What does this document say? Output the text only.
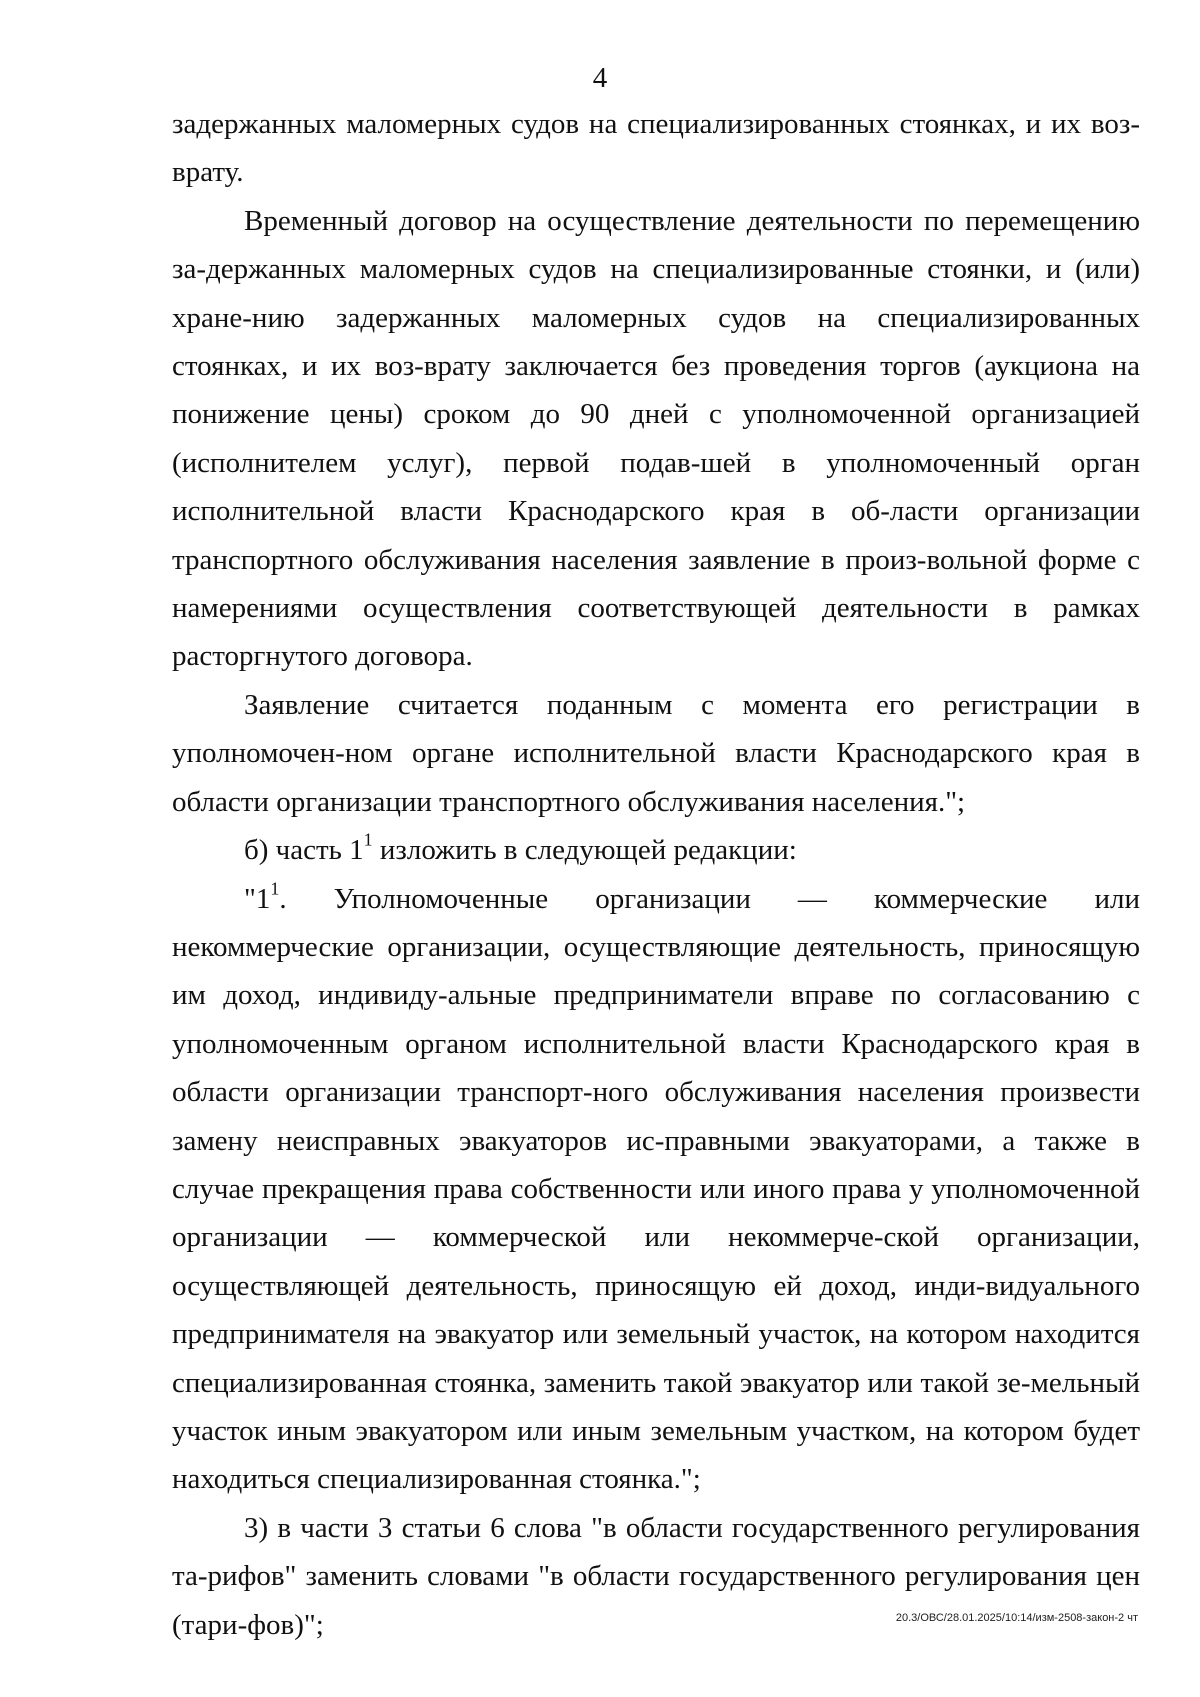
4

задержанных маломерных судов на специализированных стоянках, и их воз-врату.

Временный договор на осуществление деятельности по перемещению за-держанных маломерных судов на специализированные стоянки, и (или) хране-нию задержанных маломерных судов на специализированных стоянках, и их воз-врату заключается без проведения торгов (аукциона на понижение цены) сроком до 90 дней с уполномоченной организацией (исполнителем услуг), первой подав-шей в уполномоченный орган исполнительной власти Краснодарского края в об-ласти организации транспортного обслуживания населения заявление в произ-вольной форме с намерениями осуществления соответствующей деятельности в рамках расторгнутого договора.

Заявление считается поданным с момента его регистрации в уполномочен-ном органе исполнительной власти Краснодарского края в области организации транспортного обслуживания населения.";

б) часть $1^1$ изложить в следующей редакции:

"$1^1$. Уполномоченные организации — коммерческие или некоммерческие организации, осуществляющие деятельность, приносящую им доход, индивиду-альные предприниматели вправе по согласованию с уполномоченным органом исполнительной власти Краснодарского края в области организации транспорт-ного обслуживания населения произвести замену неисправных эвакуаторов ис-правными эвакуаторами, а также в случае прекращения права собственности или иного права у уполномоченной организации — коммерческой или некоммерче-ской организации, осуществляющей деятельность, приносящую ей доход, инди-видуального предпринимателя на эвакуатор или земельный участок, на котором находится специализированная стоянка, заменить такой эвакуатор или такой зе-мельный участок иным эвакуатором или иным земельным участком, на котором будет находиться специализированная стоянка.";

3) в части 3 статьи 6 слова "в области государственного регулирования та-рифов" заменить словами "в области государственного регулирования цен (тари-фов)";	20.3/ОВС/28.01.2025/10:14/изм-2508-закон-2 чт
